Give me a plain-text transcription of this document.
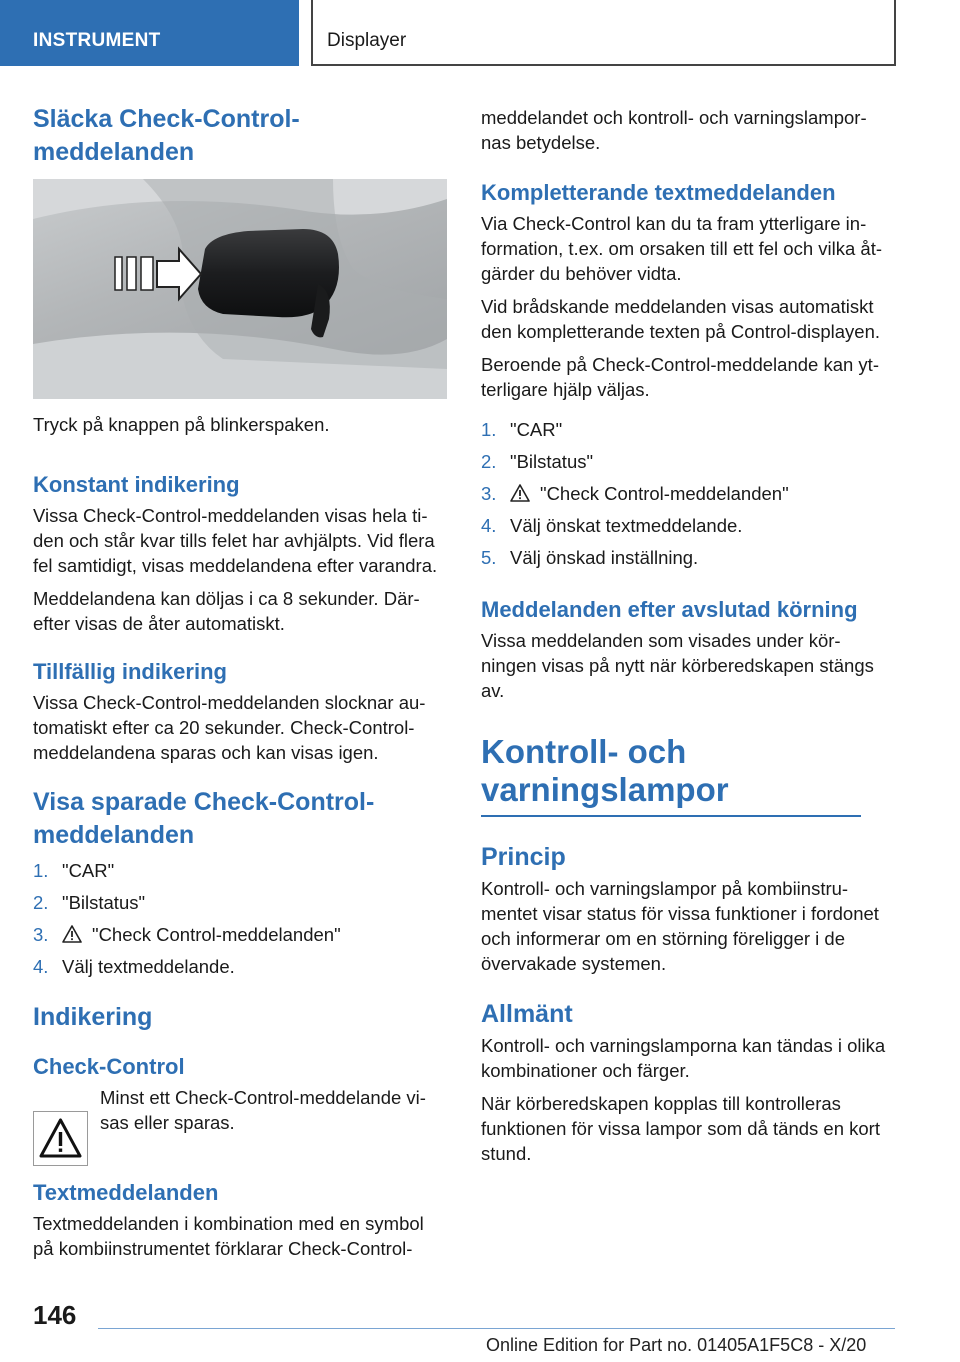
INSTRUMENT	Displayer
Släcka Check-Control-meddelanden

Tryck på knappen på blinkerspaken.

Konstant indikering

Vissa Check-Control-meddelanden visas hela ti‐den och står kvar tills felet har avhjälpts. Vid flera fel samtidigt, visas meddelandena efter varandra.

Meddelandena kan döljas i ca 8 sekunder. Där‐efter visas de åter automatiskt.

Tillfällig indikering

Vissa Check-Control-meddelanden slocknar au‐tomatiskt efter ca 20 sekunder. Check-Control-meddelandena sparas och kan visas igen.

Visa sparade Check-Control-meddelanden
1. "CAR"
2. "Bilstatus"
3. "Check Control-meddelanden"
4. Välj textmeddelande.
Indikering
Check-Control

Minst ett Check-Control-meddelande vi‐sas eller sparas.

Textmeddelanden

Textmeddelanden i kombination med en symbol på kombiinstrumentet förklarar Check-Control-

meddelandet och kontroll- och varningslampor‐nas betydelse.

Kompletterande textmeddelanden

Via Check-Control kan du ta fram ytterligare in‐formation, t.ex. om orsaken till ett fel och vilka åt‐gärder du behöver vidta.

Vid brådskande meddelanden visas automatiskt den kompletterande texten på Control-displayen.

Beroende på Check-Control-meddelande kan yt‐terligare hjälp väljas.

1. "CAR"
2. "Bilstatus"
3. "Check Control-meddelanden"
4. Välj önskat textmeddelande.
5. Välj önskad inställning.
Meddelanden efter avslutad körning

Vissa meddelanden som visades under kör‐ningen visas på nytt när körberedskapen stängs av.

Kontroll- och varningslampor
Princip

Kontroll- och varningslampor på kombiinstru‐mentet visar status för vissa funktioner i fordonet och informerar om en störning föreligger i de övervakade systemen.

Allmänt

Kontroll- och varningslamporna kan tändas i olika kombinationer och färger.

När körberedskapen kopplas till kontrolleras funktionen för vissa lampor som då tänds en kort stund.

146
Online Edition for Part no. 01405A1F5C8 - X/20
